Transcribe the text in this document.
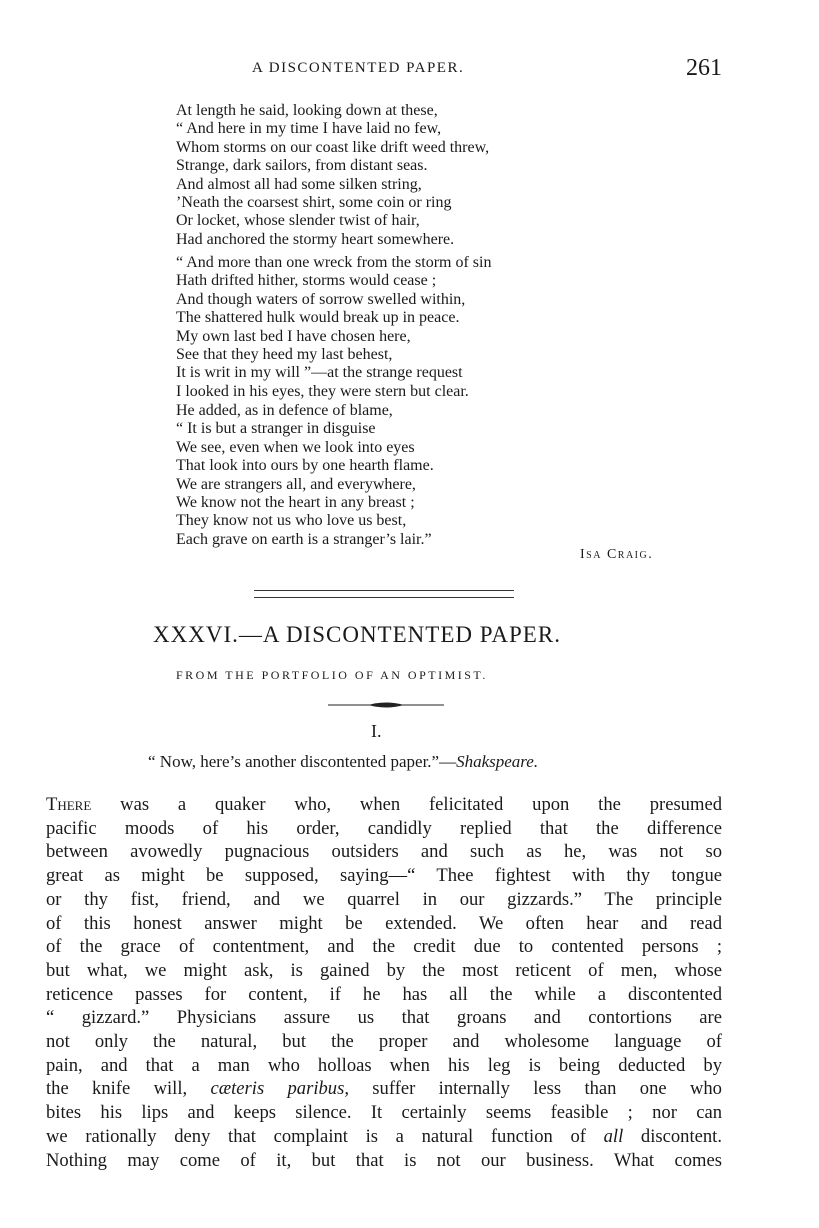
A DISCONTENTED PAPER.	261
At length he said, looking down at these,
“ And here in my time I have laid no few,
Whom storms on our coast like drift weed threw,
Strange, dark sailors, from distant seas.
And almost all had some silken string,
’Neath the coarsest shirt, some coin or ring
Or locket, whose slender twist of hair,
Had anchored the stormy heart somewhere.
“ And more than one wreck from the storm of sin
Hath drifted hither, storms would cease ;
And though waters of sorrow swelled within,
The shattered hulk would break up in peace.
My own last bed I have chosen here,
See that they heed my last behest,
It is writ in my will ”—at the strange request
I looked in his eyes, they were stern but clear.
He added, as in defence of blame,
“ It is but a stranger in disguise
We see, even when we look into eyes
That look into ours by one hearth flame.
We are strangers all, and everywhere,
We know not the heart in any breast ;
They know not us who love us best,
Each grave on earth is a stranger’s lair.”
Isa Craig.
XXXVI.—A DISCONTENTED PAPER.
FROM THE PORTFOLIO OF AN OPTIMIST.
I.
“ Now, here’s another discontented paper.”—Shakspeare.
There was a quaker who, when felicitated upon the presumed
pacific moods of his order, candidly replied that the difference
between avowedly pugnacious outsiders and such as he, was not so
great as might be supposed, saying—“ Thee fightest with thy tongue
or thy fist, friend, and we quarrel in our gizzards.” The principle
of this honest answer might be extended. We often hear and read
of the grace of contentment, and the credit due to contented persons ;
but what, we might ask, is gained by the most reticent of men, whose
reticence passes for content, if he has all the while a discontented
“ gizzard.” Physicians assure us that groans and contortions are
not only the natural, but the proper and wholesome language of
pain, and that a man who holloas when his leg is being deducted by
the knife will, cæteris paribus, suffer internally less than one who
bites his lips and keeps silence. It certainly seems feasible ; nor can
we rationally deny that complaint is a natural function of all discontent.
Nothing may come of it, but that is not our business. What comes
